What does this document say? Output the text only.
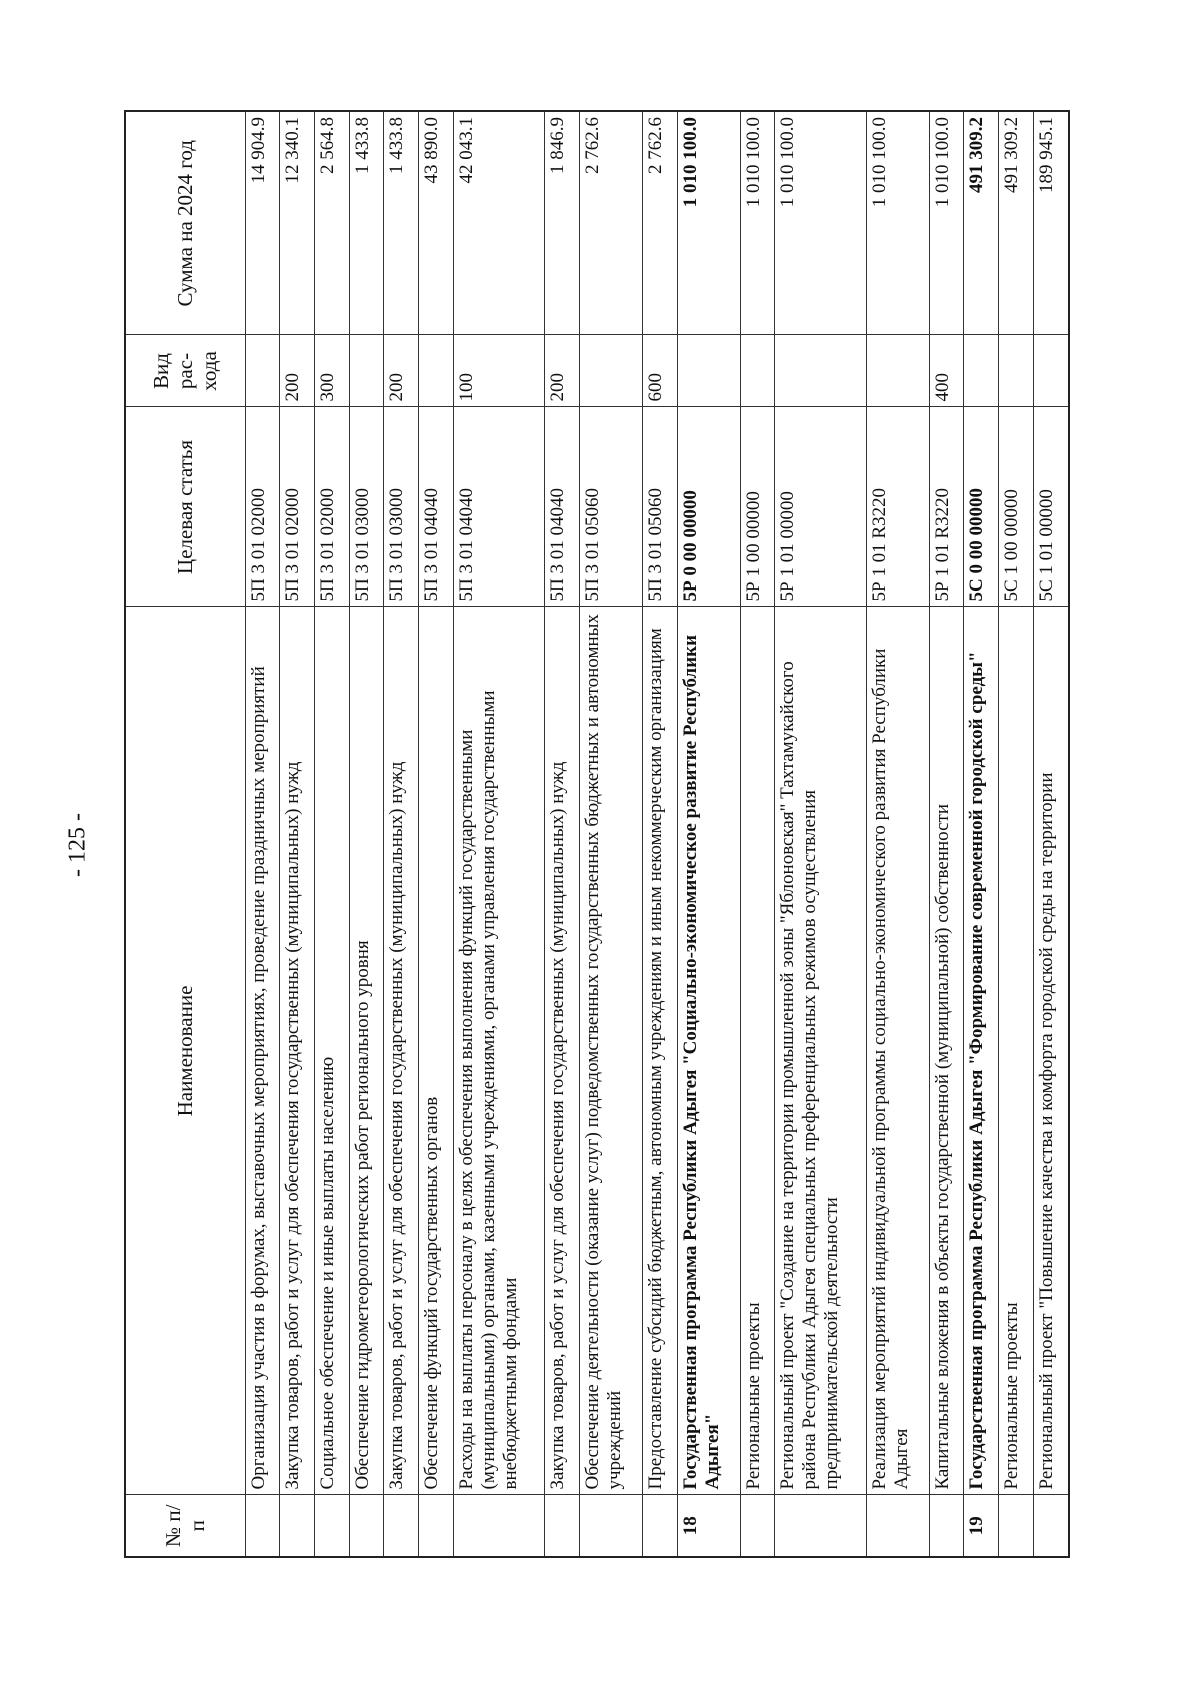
- 125 -
№ п/п	Наименование	Целевая статья	Вид рас-хода	Сумма на 2024 год
	Организация участия в форумах, выставочных мероприятиях, проведение праздничных мероприятий	5П 3 01 02000		14 904.9
	Закупка товаров, работ и услуг для обеспечения государственных (муниципальных) нужд	5П 3 01 02000	200	12 340.1
	Социальное обеспечение и иные выплаты населению	5П 3 01 02000	300	2 564.8
	Обеспечение гидрометеорологических работ регионального уровня	5П 3 01 03000		1 433.8
	Закупка товаров, работ и услуг для обеспечения государственных (муниципальных) нужд	5П 3 01 03000	200	1 433.8
	Обеспечение функций государственных органов	5П 3 01 04040		43 890.0
	Расходы на выплаты персоналу в целях обеспечения выполнения функций государственными (муниципальными) органами, казенными учреждениями, органами управления государственными внебюджетными фондами	5П 3 01 04040	100	42 043.1
	Закупка товаров, работ и услуг для обеспечения государственных (муниципальных) нужд	5П 3 01 04040	200	1 846.9
	Обеспечение деятельности (оказание услуг) подведомственных государственных бюджетных и автономных учреждений	5П 3 01 05060		2 762.6
	Предоставление субсидий бюджетным, автономным учреждениям и иным некоммерческим организациям	5П 3 01 05060	600	2 762.6
18	Государственная программа Республики Адыгея "Социально-экономическое развитие Республики Адыгея"	5Р 0 00 00000		1 010 100.0
	Региональные проекты	5Р 1 00 00000		1 010 100.0
	Региональный проект "Создание на территории промышленной зоны "Яблоновская" Тахтамукайского района Республики Адыгея специальных преференциальных режимов осуществления предпринимательской деятельности	5Р 1 01 00000		1 010 100.0
	Реализация мероприятий индивидуальной программы социально-экономического развития Республики Адыгея	5Р 1 01 R3220		1 010 100.0
	Капитальные вложения в объекты государственной (муниципальной) собственности	5Р 1 01 R3220	400	1 010 100.0
19	Государственная программа Республики Адыгея "Формирование современной городской среды"	5С 0 00 00000		491 309.2
	Региональные проекты	5С 1 00 00000		491 309.2
	Региональный проект "Повышение качества и комфорта городской среды на территории	5С 1 01 00000		189 945.1
